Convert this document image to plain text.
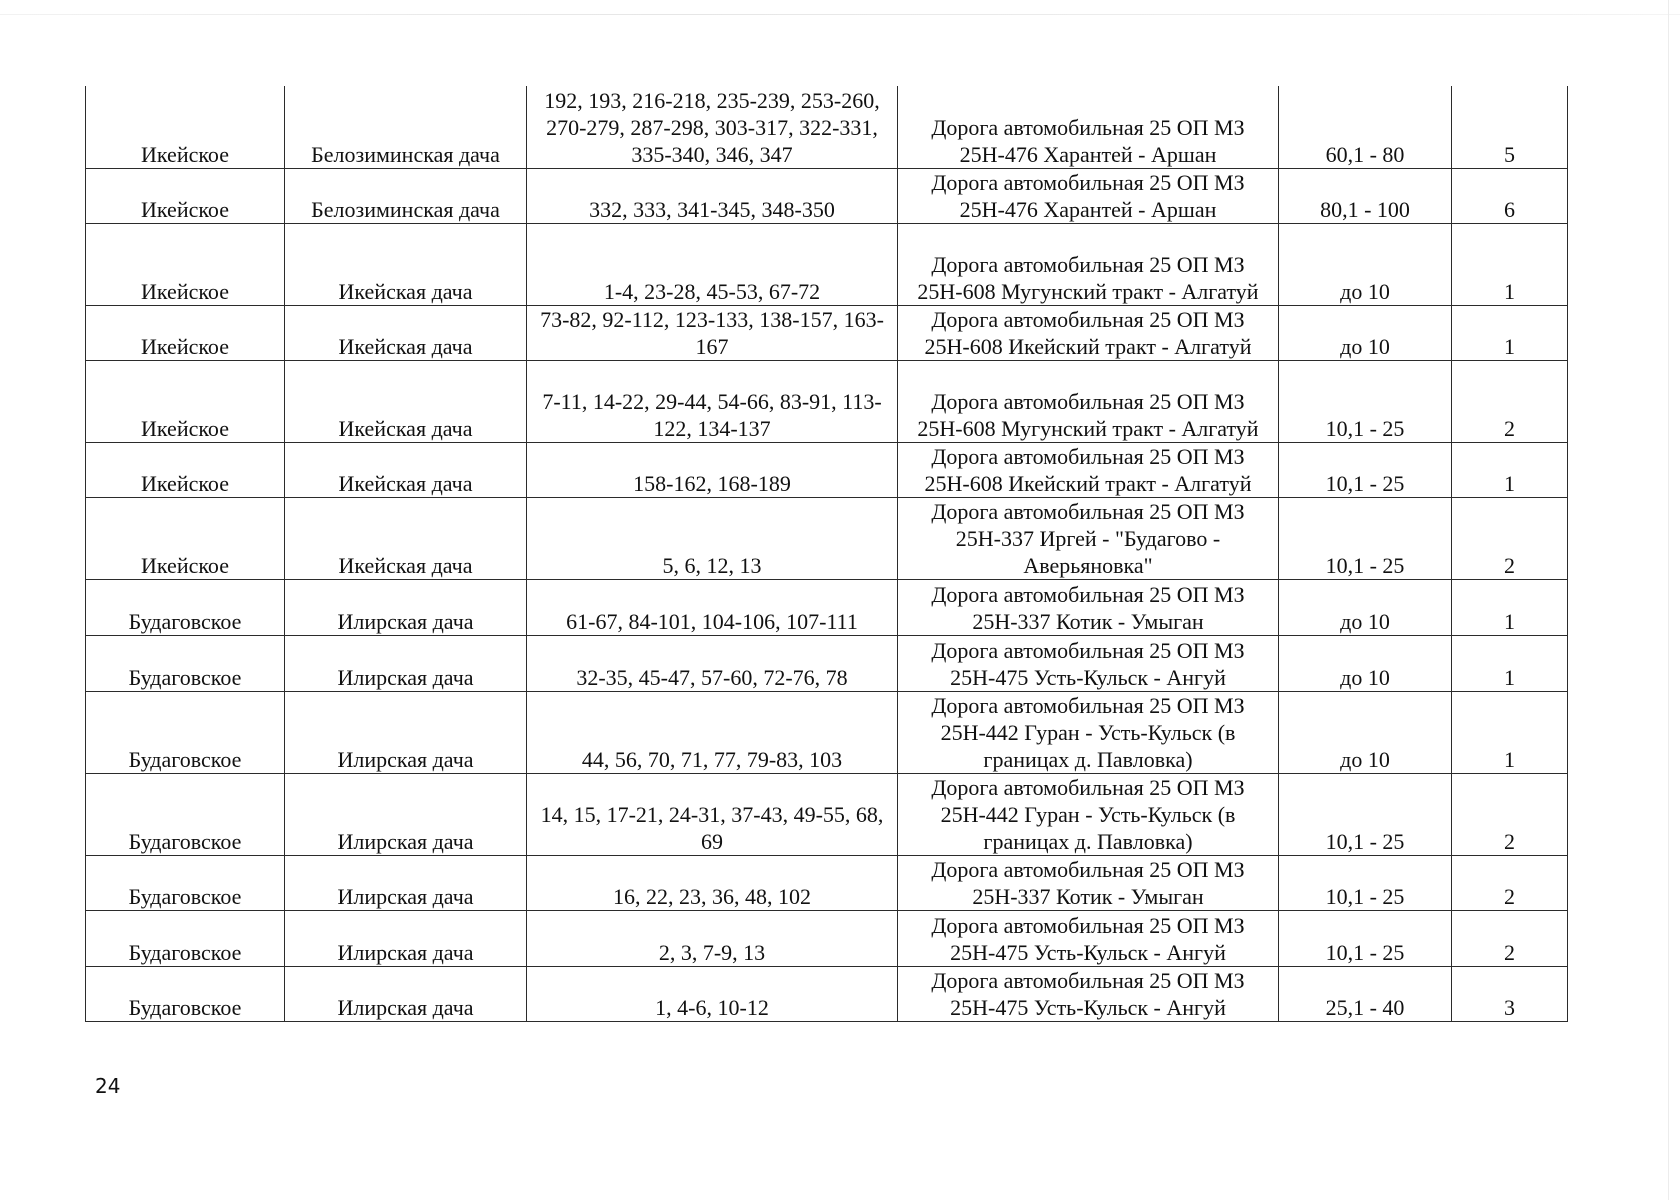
Икейское	Белозиминская дача	192, 193, 216-218, 235-239, 253-260, 270-279, 287-298, 303-317, 322-331, 335-340, 346, 347	Дорога автомобильная 25 ОП МЗ 25Н-476 Харантей - Аршан	60,1 - 80	5
Икейское	Белозиминская дача	332, 333, 341-345, 348-350	Дорога автомобильная 25 ОП МЗ 25Н-476 Харантей - Аршан	80,1 - 100	6
Икейское	Икейская дача	1-4, 23-28, 45-53, 67-72	Дорога автомобильная 25 ОП МЗ 25Н-608 Мугунский тракт - Алгатуй	до 10	1
Икейское	Икейская дача	73-82, 92-112, 123-133, 138-157, 163-167	Дорога автомобильная 25 ОП МЗ 25Н-608 Икейский тракт - Алгатуй	до 10	1
Икейское	Икейская дача	7-11, 14-22, 29-44, 54-66, 83-91, 113-122, 134-137	Дорога автомобильная 25 ОП МЗ 25Н-608 Мугунский тракт - Алгатуй	10,1 - 25	2
Икейское	Икейская дача	158-162, 168-189	Дорога автомобильная 25 ОП МЗ 25Н-608 Икейский тракт - Алгатуй	10,1 - 25	1
Икейское	Икейская дача	5, 6, 12, 13	Дорога автомобильная 25 ОП МЗ 25Н-337 Иргей - "Будагово - Аверьяновка"	10,1 - 25	2
Будаговское	Илирская дача	61-67, 84-101, 104-106, 107-111	Дорога автомобильная 25 ОП МЗ 25Н-337 Котик - Умыган	до 10	1
Будаговское	Илирская дача	32-35, 45-47, 57-60, 72-76, 78	Дорога автомобильная 25 ОП МЗ 25Н-475 Усть-Кульск - Ангуй	до 10	1
Будаговское	Илирская дача	44, 56, 70, 71, 77, 79-83, 103	Дорога автомобильная 25 ОП МЗ 25Н-442 Гуран - Усть-Кульск (в границах д. Павловка)	до 10	1
Будаговское	Илирская дача	14, 15, 17-21, 24-31, 37-43, 49-55, 68, 69	Дорога автомобильная 25 ОП МЗ 25Н-442 Гуран - Усть-Кульск (в границах д. Павловка)	10,1 - 25	2
Будаговское	Илирская дача	16, 22, 23, 36, 48, 102	Дорога автомобильная 25 ОП МЗ 25Н-337 Котик - Умыган	10,1 - 25	2
Будаговское	Илирская дача	2, 3, 7-9, 13	Дорога автомобильная 25 ОП МЗ 25Н-475 Усть-Кульск - Ангуй	10,1 - 25	2
Будаговское	Илирская дача	1, 4-6, 10-12	Дорога автомобильная 25 ОП МЗ 25Н-475 Усть-Кульск - Ангуй	25,1 - 40	3
24
